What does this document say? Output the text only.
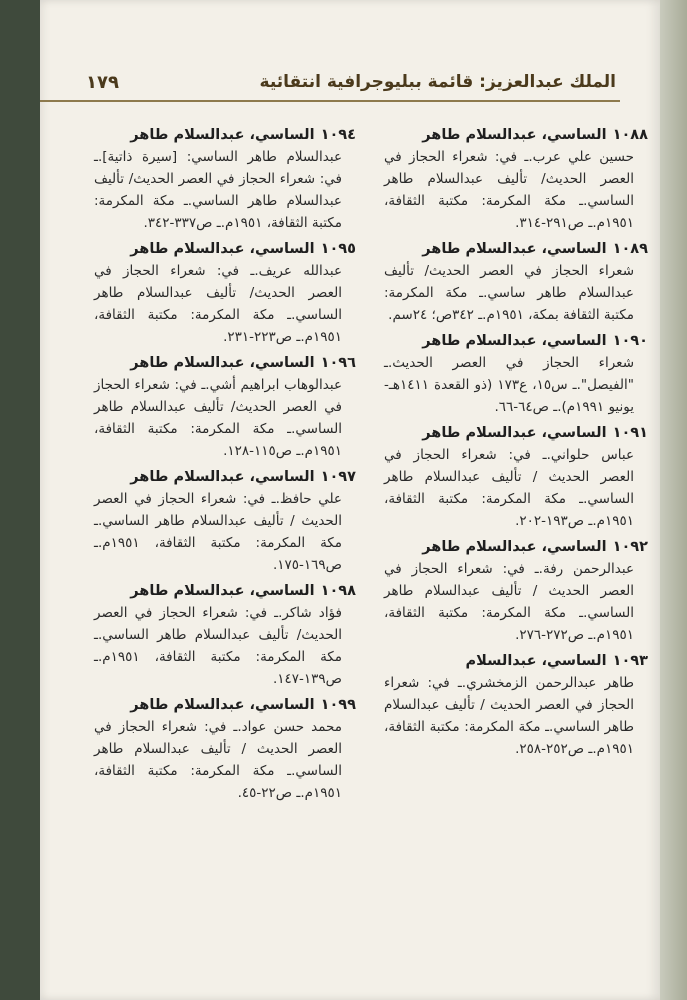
الملك عبدالعزيز: قائمة ببليوجرافية انتقائية
١٧٩
١٠٨٨الساسي، عبدالسلام طاهر
حسين علي عرب.ـ في: شعراء الحجاز في العصر الحديث/ تأليف عبدالسلام طاهر الساسي.ـ مكة المكرمة: مكتبة الثقافة، ١٩٥١م.ـ ص٢٩١-٣١٤.
١٠٨٩الساسي، عبدالسلام طاهر
شعراء الحجاز في العصر الحديث/ تأليف عبدالسلام طاهر ساسي.ـ مكة المكرمة: مكتبة الثقافة بمكة، ١٩٥١م.ـ ٣٤٢ص؛ ٢٤سم.
١٠٩٠الساسي، عبدالسلام طاهر
شعراء الحجاز في العصر الحديث.ـ "الفيصل".ـ س١٥، ع١٧٣ (ذو القعدة ١٤١١هـ-يونيو ١٩٩١م).ـ ص٦٤-٦٦.
١٠٩١الساسي، عبدالسلام طاهر
عباس حلواني.ـ في: شعراء الحجاز في العصر الحديث / تأليف عبدالسلام طاهر الساسي.ـ مكة المكرمة: مكتبة الثقافة، ١٩٥١م.ـ ص١٩٣-٢٠٢.
١٠٩٢الساسي، عبدالسلام طاهر
عبدالرحمن رفة.ـ في: شعراء الحجاز في العصر الحديث / تأليف عبدالسلام طاهر الساسي.ـ مكة المكرمة: مكتبة الثقافة، ١٩٥١م.ـ ص٢٧٢-٢٧٦.
١٠٩٣الساسي، عبدالسلام
طاهر عبدالرحمن الزمخشري.ـ في: شعراء الحجاز في العصر الحديث / تأليف عبدالسلام طاهر الساسي.ـ مكة المكرمة: مكتبة الثقافة، ١٩٥١م.ـ ص٢٥٢-٢٥٨.
١٠٩٤الساسي، عبدالسلام طاهر
عبدالسلام طاهر الساسي: [سيرة ذاتية].ـ في: شعراء الحجاز في العصر الحديث/ تأليف عبدالسلام طاهر الساسي.ـ مكة المكرمة: مكتبة الثقافة، ١٩٥١م.ـ ص٣٣٧-٣٤٢.
١٠٩٥الساسي، عبدالسلام طاهر
عبدالله عريف.ـ في: شعراء الحجاز في العصر الحديث/ تأليف عبدالسلام طاهر الساسي.ـ مكة المكرمة: مكتبة الثقافة، ١٩٥١م.ـ ص٢٢٣-٢٣١.
١٠٩٦الساسي، عبدالسلام طاهر
عبدالوهاب ابراهيم أشي.ـ في: شعراء الحجاز في العصر الحديث/ تأليف عبدالسلام طاهر الساسي.ـ مكة المكرمة: مكتبة الثقافة، ١٩٥١م.ـ ص١١٥-١٢٨.
١٠٩٧الساسي، عبدالسلام طاهر
علي حافظ.ـ في: شعراء الحجاز في العصر الحديث / تأليف عبدالسلام طاهر الساسي.ـ مكة المكرمة: مكتبة الثقافة، ١٩٥١م.ـ ص١٦٩-١٧٥.
١٠٩٨الساسي، عبدالسلام طاهر
فؤاد شاكر.ـ في: شعراء الحجاز في العصر الحديث/ تأليف عبدالسلام طاهر الساسي.ـ مكة المكرمة: مكتبة الثقافة، ١٩٥١م.ـ ص١٣٩-١٤٧.
١٠٩٩الساسي، عبدالسلام طاهر
محمد حسن عواد.ـ في: شعراء الحجاز في العصر الحديث / تأليف عبدالسلام طاهر الساسي.ـ مكة المكرمة: مكتبة الثقافة، ١٩٥١م.ـ ص٢٢-٤٥.
